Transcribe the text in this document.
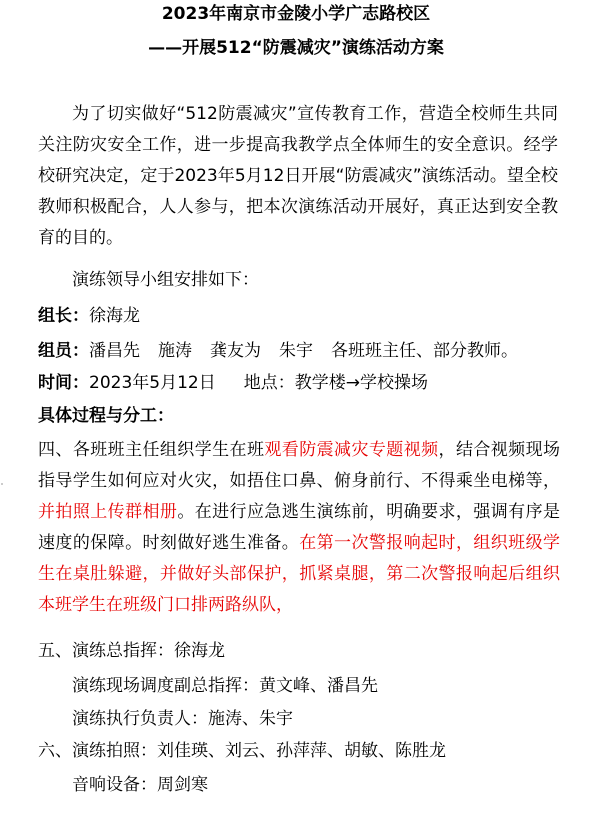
2023年南京市金陵小学广志路校区
——开展512“防震减灾”演练活动方案

为了切实做好“512防震减灾”宣传教育工作，营造全校师生共同关注防灾安全工作，进一步提高我教学点全体师生的安全意识。经学校研究决定，定于2023年5月12日开展“防震减灾”演练活动。望全校教师积极配合，人人参与，把本次演练活动开展好，真正达到安全教育的目的。

演练领导小组安排如下：
组长：徐海龙
组员：潘昌先 施涛 龚友为 朱宇 各班班主任、部分教师。
时间：2023年5月12日 地点：教学楼→学校操场
具体过程与分工：

四、各班班主任组织学生在班观看防震减灾专题视频，结合视频现场指导学生如何应对火灾，如捂住口鼻、俯身前行、不得乘坐电梯等，并拍照上传群相册。在进行应急逃生演练前，明确要求，强调有序是速度的保障。时刻做好逃生准备。在第一次警报响起时，组织班级学生在桌肚躲避，并做好头部保护，抓紧桌腿，第二次警报响起后组织本班学生在班级门口排两路纵队，

五、演练总指挥：徐海龙
演练现场调度副总指挥：黄文峰、潘昌先
演练执行负责人：施涛、朱宇
六、演练拍照：刘佳瑛、刘云、孙萍萍、胡敏、陈胜龙
音响设备：周剑寒
